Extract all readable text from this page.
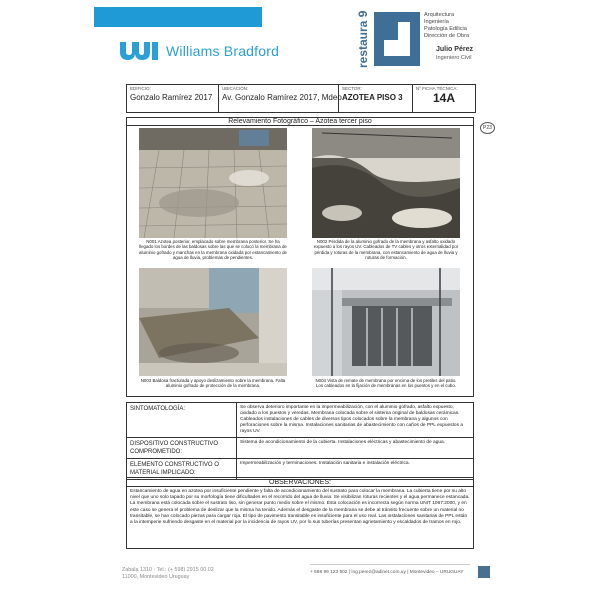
Williams Bradford	restaura 9	Arquitectura
Ingeniería
Patología Edilicia
Dirección de Obra
Julio Pérez
Ingeniero Civil
EDIFICIO:
Gonzalo Ramírez 2017
UBICACIÓN:
Av. Gonzalo Ramírez 2017, Mdeo.
SECTOR:
AZOTEA PISO 3
Nº FICHA TÉCNICA:
14A
P23
N001 Azotea posterior, emplacado sobre membrana posterior. Se ha llegado los bordes de las baldosas sobre las que se colocó la membrana de aluminio gofrado y manchas en la membrana oxidada por estancamiento de agua de lluvia, problemas de pendientes.
N002 Pérdida de la aluminio gofrado de la membrana y asfalto oxidado expuesto a los rayos UV. Cableados de TV cables y otros externalidad por pérdida y roturas de la membrana, con estancamiento de agua de lluvia y roturas de formación.
N003 Baldosa fracturada y apoyo deslizamiento sobre la membrana. Falta aluminio gofrado de protección de la membrana.
N004 Vista de remate de membrana por encima de los pretiles del patio. Los cableados en la fijación de membranas en los puestos y en el cubo.
Relevamiento Fotográfico – Azotea tercer piso
SINTOMATOLOGÍA:	Se observa deterioro importante en la impermeabilización, con el aluminio gofrado, asfalto expuesto, oxidado a los puestos y veredas. Membrana colocada sobre el sistema original de baldosas cerámicas. Cableados instalaciones de cables de diversos tipos colocados sobre la membrana y algunos con perforaciones sobre la misma. Instalaciones sanitarias de abastecimiento con caños de PPL expuestos a rayos UV.
DISPOSITIVO CONSTRUCTIVO COMPROMETIDO:
Sistema de acondicionamiento de la cubierta. Instalaciones eléctricas y abastecimiento de agua.
ELEMENTO CONSTRUCTIVO O MATERIAL IMPLICADO:
Impermeabilización y terminaciones. Instalación sanitaria e instalación eléctrica.
OBSERVACIONES:
Estancamiento de agua en azotea por insuficiente pendiente y falta de acondicionamiento del sustrato para colocar la membrana. La cubierta tiene por su alto nivel que uno solo tapado por su morfología tiene dificultades en el recorrido del agua de lluvia. Se visibilizan roturas recientes y el agua permanece estancada. La membrana está colocada sobre el sustrato liso, sin generar punto medio sobre el mismo. Esta colocación es incorrecta según norma UNIT 1067:2000, y en este caso se genera el problema de deslizar que la misma ha tenido. Además el desgaste de la membrana se debe al tránsito frecuente sobre un material no transitable, se han colocado piezas para cargar roja. El tipo de pavimento transitable es insuficiente para el uso real. Las instalaciones sanitarias de PPL están a la intemperie sufriendo desgaste en el material por la incidencia de rayos UV, por lo sus tuberías presentan agrietamiento y escaldados de tramos en rojo.
Zabala 1310 · Tel.: (+ 598) 2915 00 02
11000, Montevideo Uruguay
+ 598 99 123 502 | ing.perez@adinet.com.uy | Montevideo – URUGUAY
